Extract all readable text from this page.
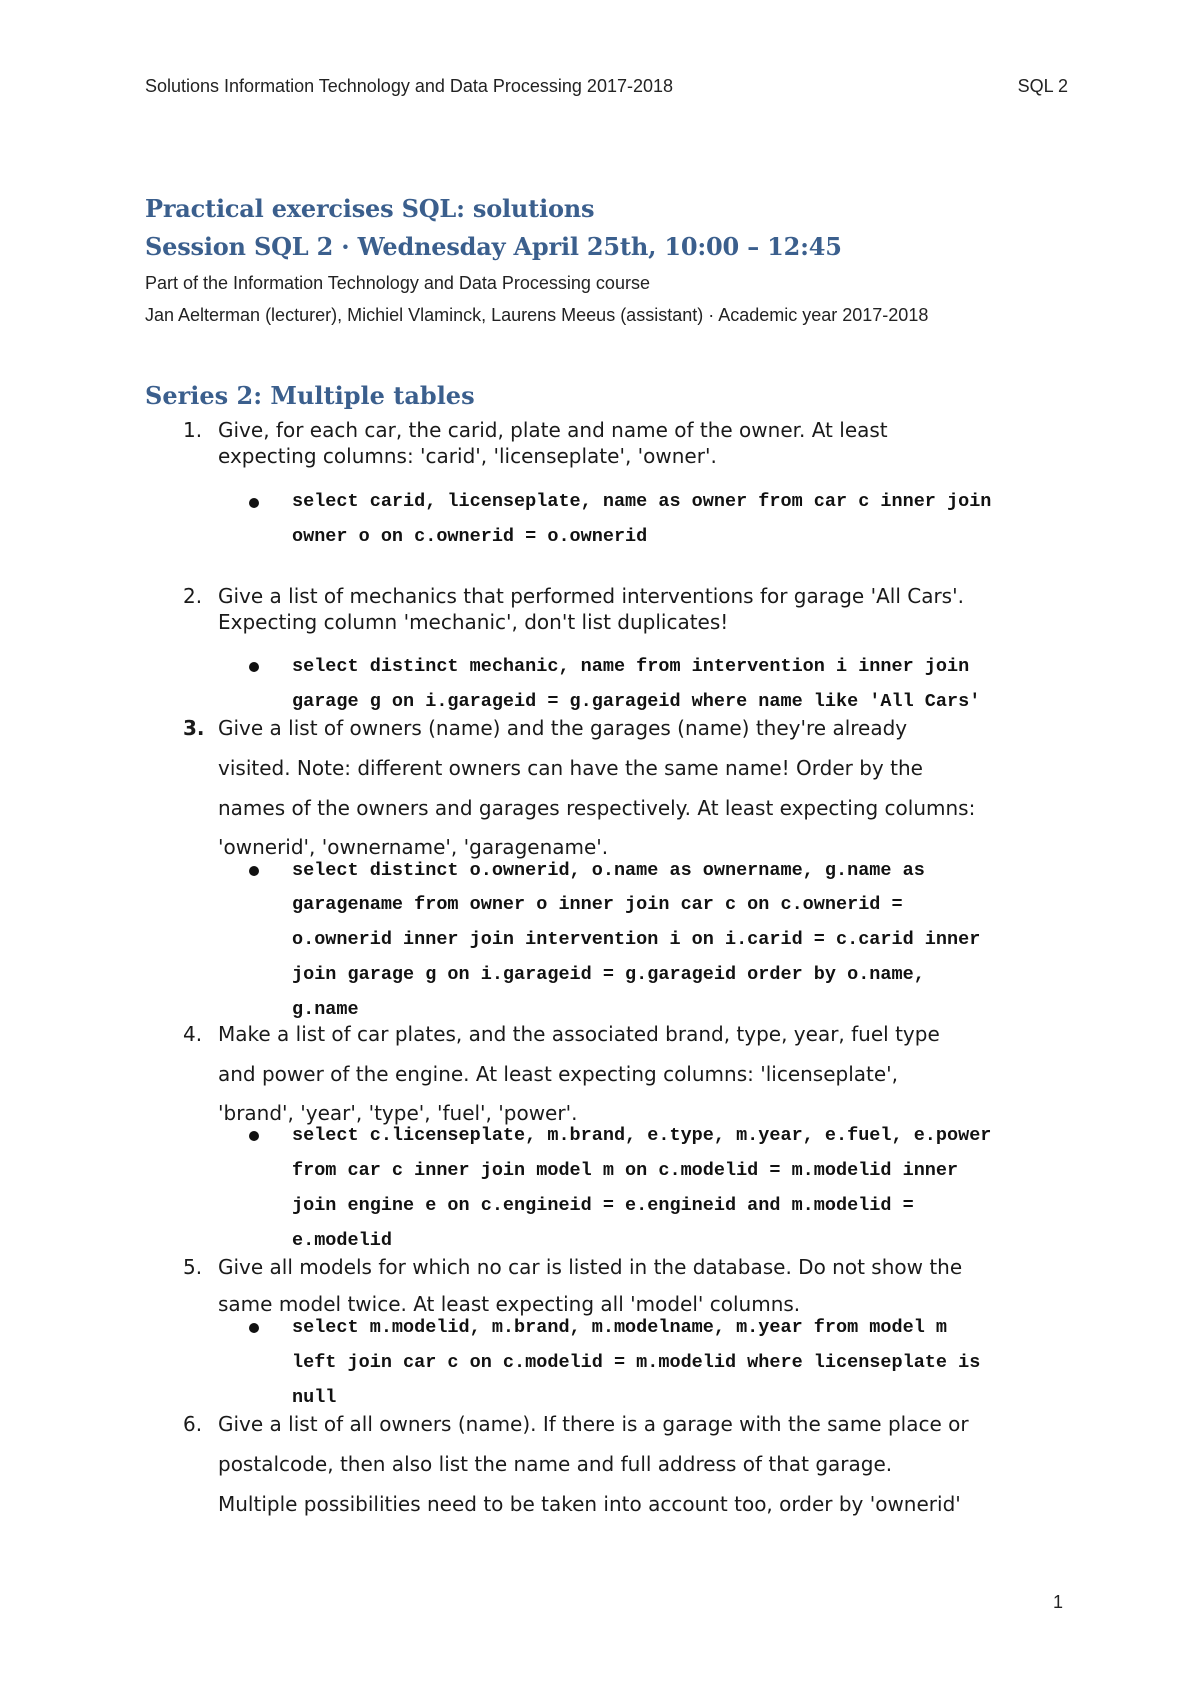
Solutions Information Technology and Data Processing 2017-2018	SQL 2
Practical exercises SQL: solutions
Session SQL 2 · Wednesday April 25th, 10:00 – 12:45
Part of the Information Technology and Data Processing course
Jan Aelterman (lecturer), Michiel Vlaminck, Laurens Meeus (assistant) · Academic year 2017-2018
Series 2: Multiple tables
1. Give, for each car, the carid, plate and name of the owner. At least
expecting columns: 'carid', 'licenseplate', 'owner'.
select carid, licenseplate, name as owner from car c inner join
owner o on c.ownerid = o.ownerid
2. Give a list of mechanics that performed interventions for garage 'All Cars'.
Expecting column 'mechanic', don't list duplicates!
select distinct mechanic, name from intervention i inner join
garage g on i.garageid = g.garageid where name like 'All Cars'
3. Give a list of owners (name) and the garages (name) they're already
visited. Note: different owners can have the same name! Order by the
names of the owners and garages respectively. At least expecting columns:
'ownerid', 'ownername', 'garagename'.
select distinct o.ownerid, o.name as ownername, g.name as
garagename from owner o inner join car c on c.ownerid =
o.ownerid inner join intervention i on i.carid = c.carid inner
join garage g on i.garageid = g.garageid order by o.name,
g.name
4. Make a list of car plates, and the associated brand, type, year, fuel type
and power of the engine. At least expecting columns: 'licenseplate',
'brand', 'year', 'type', 'fuel', 'power'.
select c.licenseplate, m.brand, e.type, m.year, e.fuel, e.power
from car c inner join model m on c.modelid = m.modelid inner
join engine e on c.engineid = e.engineid and m.modelid =
e.modelid
5. Give all models for which no car is listed in the database. Do not show the
same model twice. At least expecting all 'model' columns.
select m.modelid, m.brand, m.modelname, m.year from model m
left join car c on c.modelid = m.modelid where licenseplate is
null
6. Give a list of all owners (name). If there is a garage with the same place or
postalcode, then also list the name and full address of that garage.
Multiple possibilities need to be taken into account too, order by 'ownerid'
1
